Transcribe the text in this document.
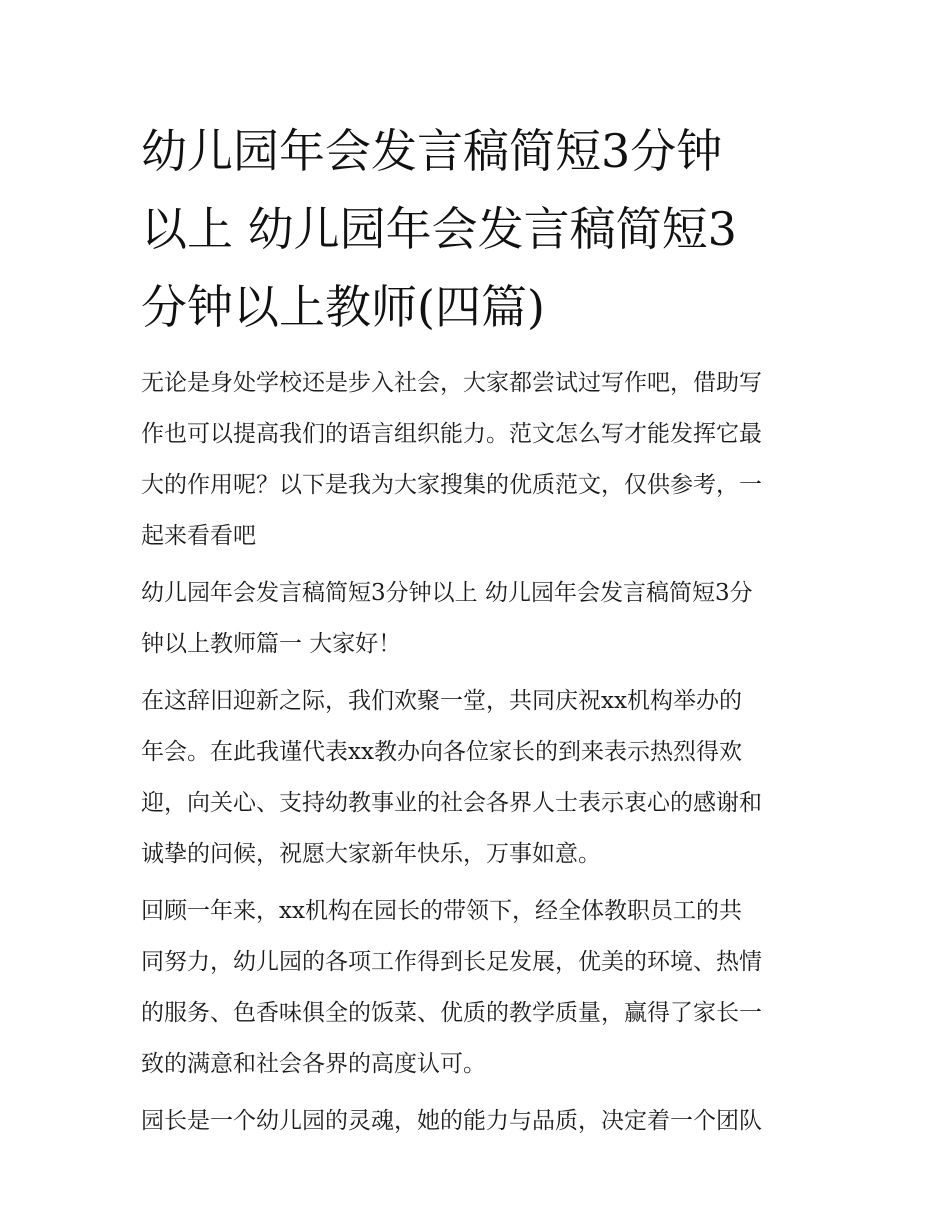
幼儿园年会发言稿简短3分钟
以上 幼儿园年会发言稿简短3
分钟以上教师(四篇)

无论是身处学校还是步入社会，大家都尝试过写作吧，借助写
作也可以提高我们的语言组织能力。范文怎么写才能发挥它最
大的作用呢？以下是我为大家搜集的优质范文，仅供参考，一
起来看看吧

幼儿园年会发言稿简短3分钟以上 幼儿园年会发言稿简短3分
钟以上教师篇一 大家好！

在这辞旧迎新之际，我们欢聚一堂，共同庆祝xx机构举办的
年会。在此我谨代表xx教办向各位家长的到来表示热烈得欢
迎，向关心、支持幼教事业的社会各界人士表示衷心的感谢和
诚挚的问候，祝愿大家新年快乐，万事如意。

回顾一年来，xx机构在园长的带领下，经全体教职员工的共
同努力，幼儿园的各项工作得到长足发展，优美的环境、热情
的服务、色香味俱全的饭菜、优质的教学质量，赢得了家长一
致的满意和社会各界的高度认可。

园长是一个幼儿园的灵魂，她的能力与品质，决定着一个团队
